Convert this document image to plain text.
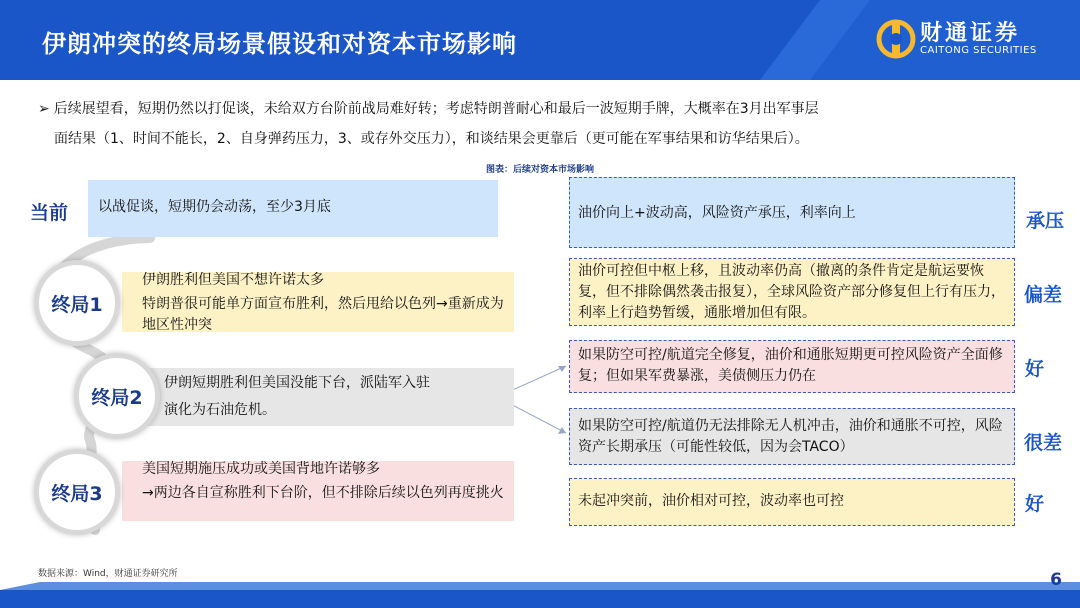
伊朗冲突的终局场景假设和对资本市场影响	财通证券
CAITONG SECURITIES
➢ 后续展望看，短期仍然以打促谈，未给双方台阶前战局难好转；考虑特朗普耐心和最后一波短期手牌，大概率在3月出军事层
面结果（1、时间不能长，2、自身弹药压力，3、或存外交压力），和谈结果会更靠后（更可能在军事结果和访华结果后）。
图表：后续对资本市场影响
当前	以战促谈，短期仍会动荡，至少3月底
伊朗胜利但美国不想许诺太多
特朗普很可能单方面宣布胜利，然后甩给以色列→重新成为地区性冲突
终局1
伊朗短期胜利但美国没能下台，派陆军入驻
演化为石油危机。
终局2
美国短期施压成功或美国背地许诺够多
→两边各自宣称胜利下台阶，但不排除后续以色列再度挑火
终局3
油价向上+波动高，风险资产承压，利率向上	承压
油价可控但中枢上移，且波动率仍高（撤离的条件肯定是航运要恢复，但不排除偶然袭击报复），全球风险资产部分修复但上行有压力，利率上行趋势暂缓，通胀增加但有限。
偏差
如果防空可控/航道完全修复，油价和通胀短期更可控风险资产全面修复；但如果军费暴涨，美债侧压力仍在	好
如果防空可控/航道仍无法排除无人机冲击，油价和通胀不可控，风险资产长期承压（可能性较低，因为会TACO）	很差
未起冲突前，油价相对可控，波动率也可控	好
数据来源：Wind，财通证券研究所	6
